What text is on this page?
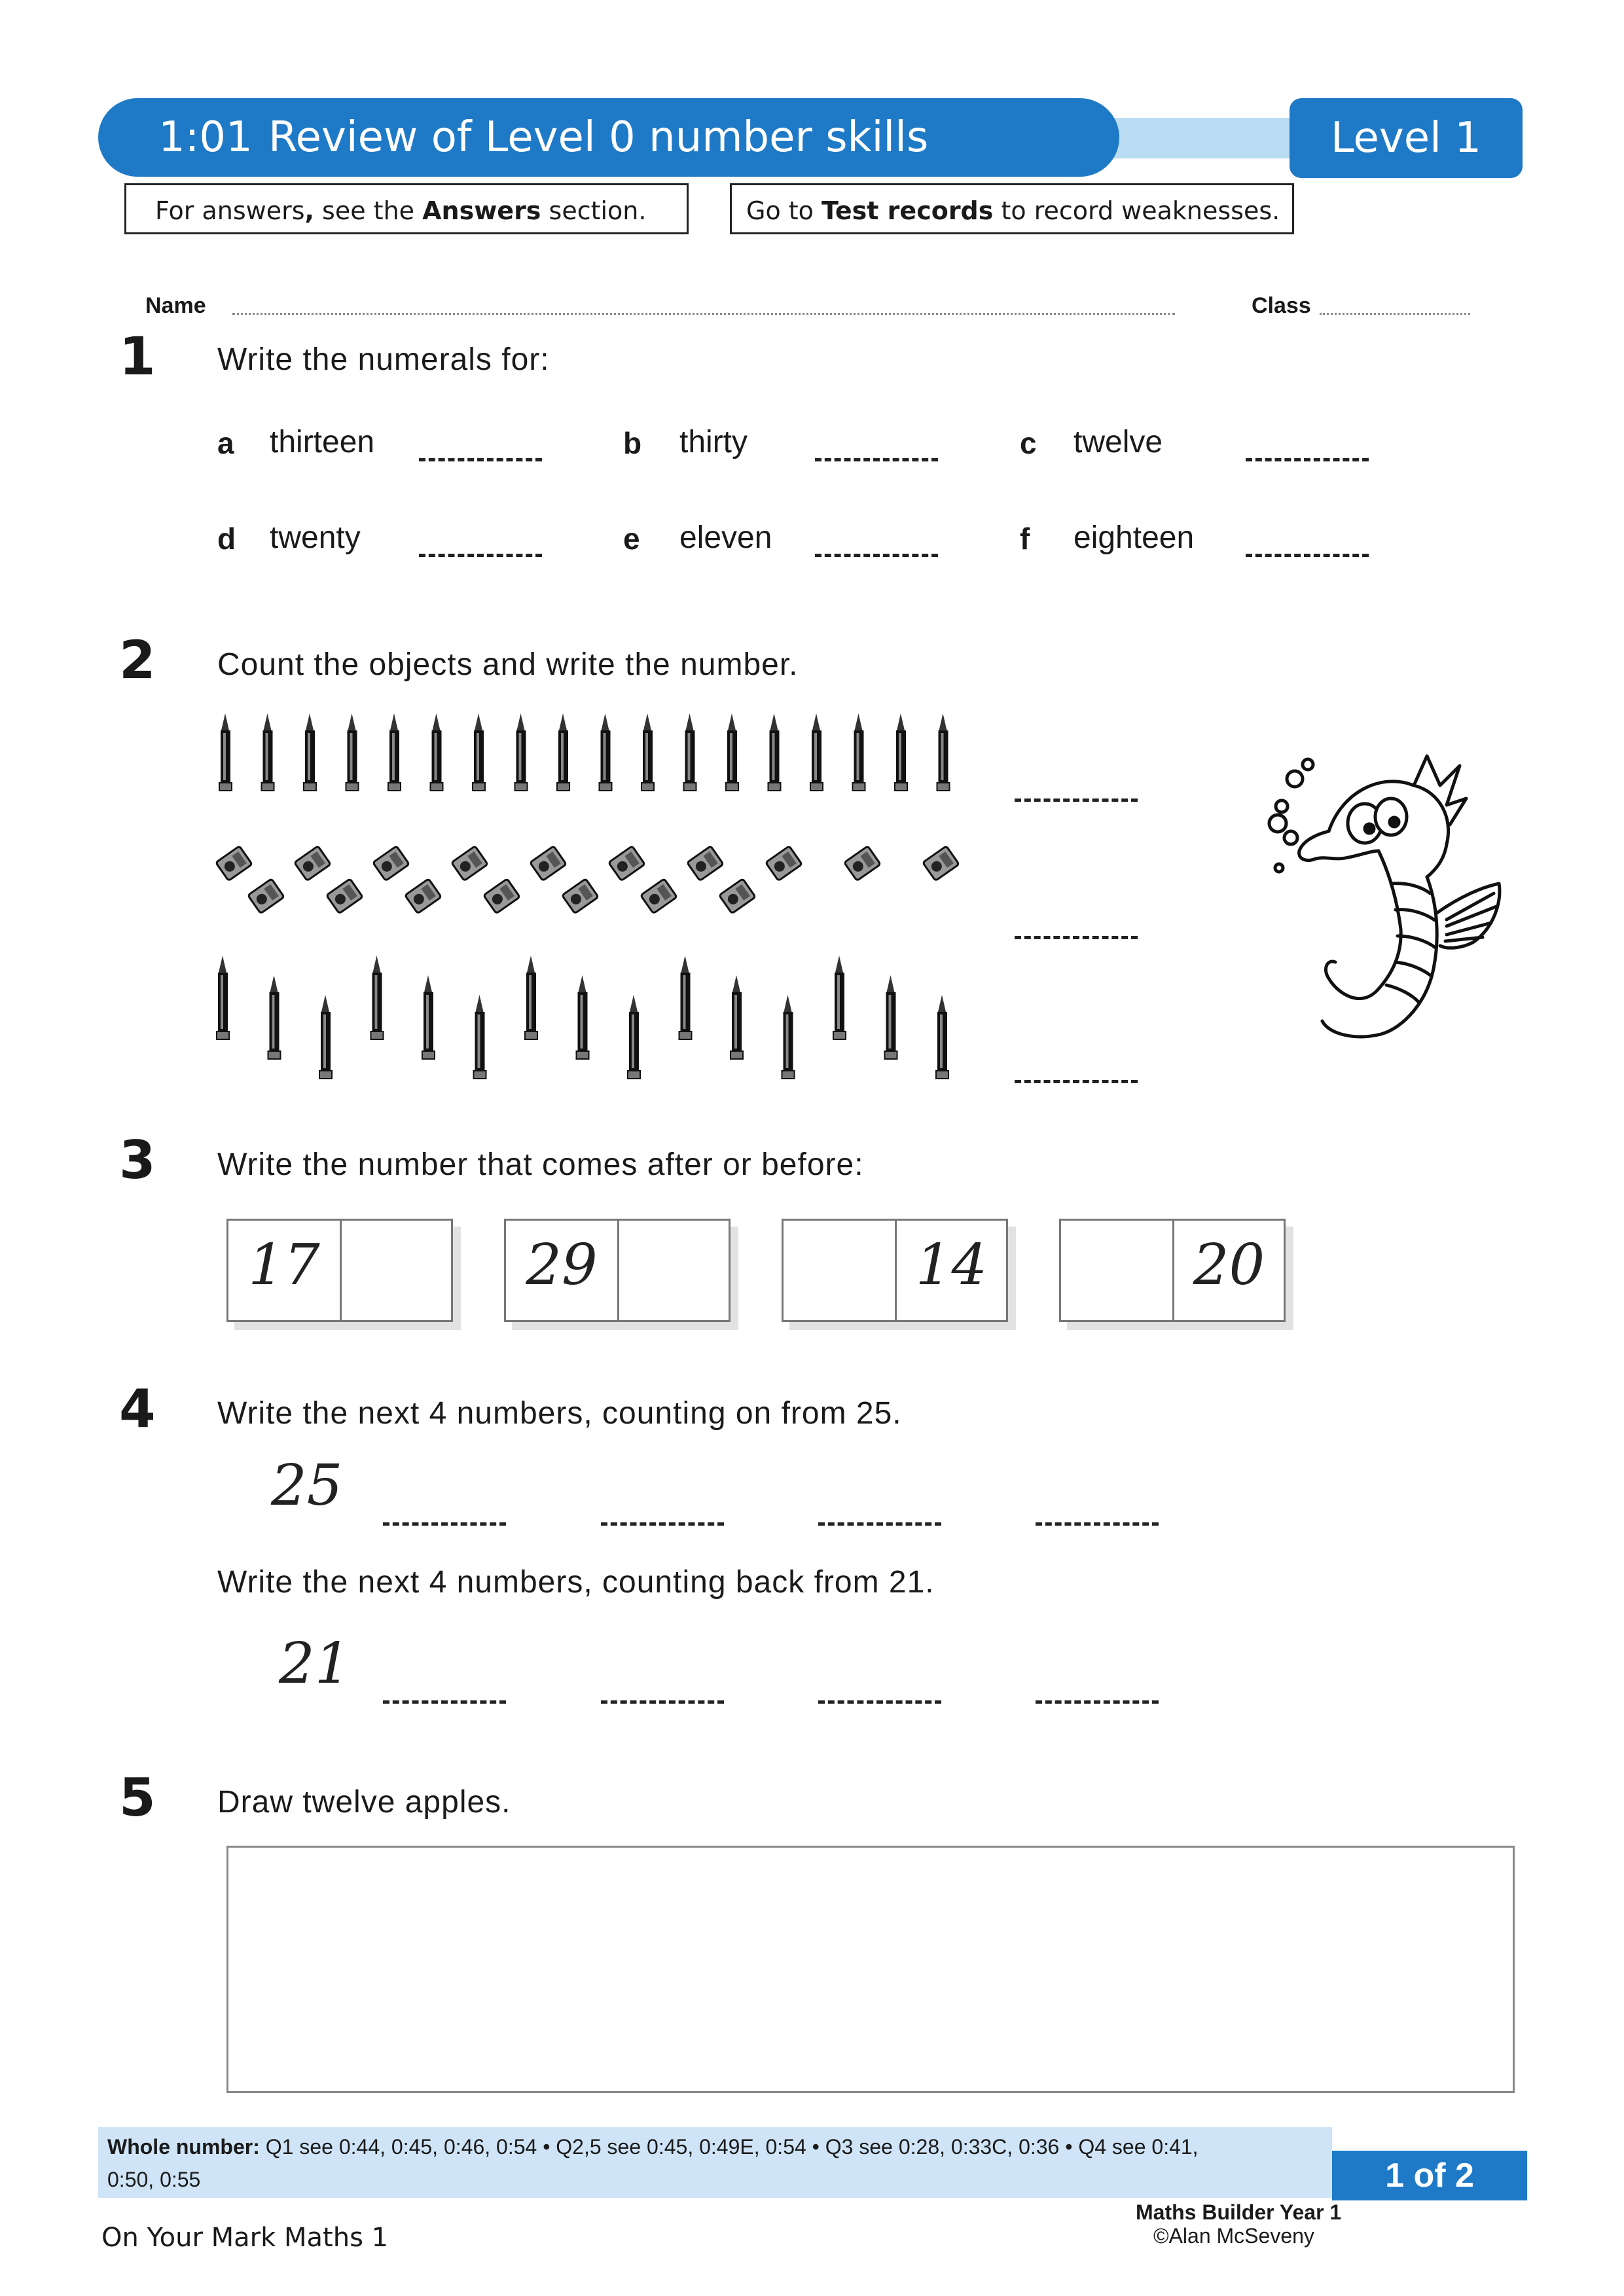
1:01 Review of Level 0 number skills	Level 1
For answers, see the Answers section.	Go to Test records to record weaknesses.
Name	Class
1 Write the numerals for:
a thirteen	b thirty	c twelve
d twenty	e eleven	f eighteen
2 Count the objects and write the number.
3 Write the number that comes after or before:
17	29	14	20
4 Write the next 4 numbers, counting on from 25.
25
Write the next 4 numbers, counting back from 21.
21
5 Draw twelve apples.
Whole number: Q1 see 0:44, 0:45, 0:46, 0:54 • Q2,5 see 0:45, 0:49E, 0:54 • Q3 see 0:28, 0:33C, 0:36 • Q4 see 0:41,
0:50, 0:55	1 of 2
Maths Builder Year 1
©Alan McSeveny
On Your Mark Maths 1
